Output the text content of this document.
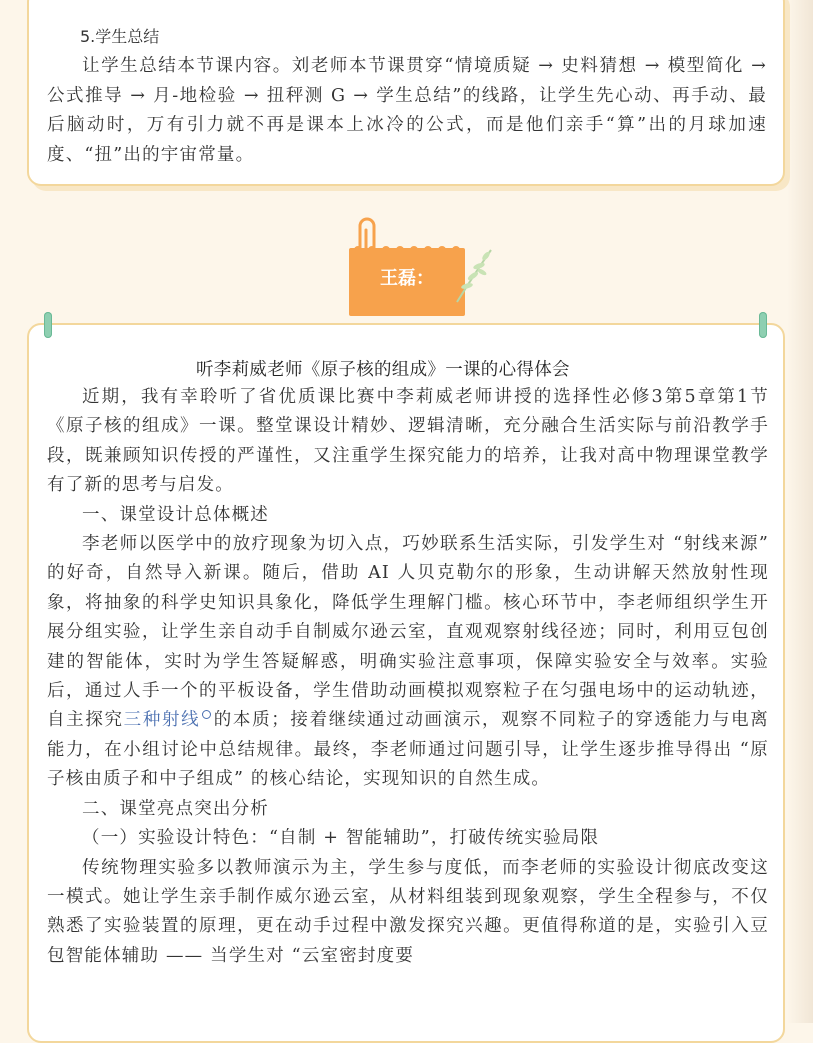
5.学生总结
让学生总结本节课内容。刘老师本节课贯穿“情境质疑 → 史料猜想 → 模型简化 → 公式推导 → 月-地检验 → 扭秤测 G → 学生总结”的线路，让学生先心动、再手动、最后脑动时，万有引力就不再是课本上冰冷的公式，而是他们亲手“算”出的月球加速度、“扭”出的宇宙常量。
王磊：
听李莉威老师《原子核的组成》一课的心得体会

近期，我有幸聆听了省优质课比赛中李莉威老师讲授的选择性必修3第5章第1节《原子核的组成》一课。整堂课设计精妙、逻辑清晰，充分融合生活实际与前沿教学手段，既兼顾知识传授的严谨性，又注重学生探究能力的培养，让我对高中物理课堂教学有了新的思考与启发。

一、课堂设计总体概述

李老师以医学中的放疗现象为切入点，巧妙联系生活实际，引发学生对 “射线来源” 的好奇，自然导入新课。随后，借助 AI 人贝克勒尔的形象，生动讲解天然放射性现象，将抽象的科学史知识具象化，降低学生理解门槛。核心环节中，李老师组织学生开展分组实验，让学生亲自动手自制威尔逊云室，直观观察射线径迹；同时，利用豆包创建的智能体，实时为学生答疑解惑，明确实验注意事项，保障实验安全与效率。实验后，通过人手一个的平板设备，学生借助动画模拟观察粒子在匀强电场中的运动轨迹，自主探究三种射线 的本质；接着继续通过动画演示，观察不同粒子的穿透能力与电离能力，在小组讨论中总结规律。最终，李老师通过问题引导，让学生逐步推导得出 “原子核由质子和中子组成” 的核心结论，实现知识的自然生成。

二、课堂亮点突出分析

（一）实验设计特色：“自制 + 智能辅助”，打破传统实验局限

传统物理实验多以教师演示为主，学生参与度低，而李老师的实验设计彻底改变这一模式。她让学生亲手制作威尔逊云室，从材料组装到现象观察，学生全程参与，不仅熟悉了实验装置的原理，更在动手过程中激发探究兴趣。更值得称道的是，实验引入豆包智能体辅助 —— 当学生对 “云室密封度要
